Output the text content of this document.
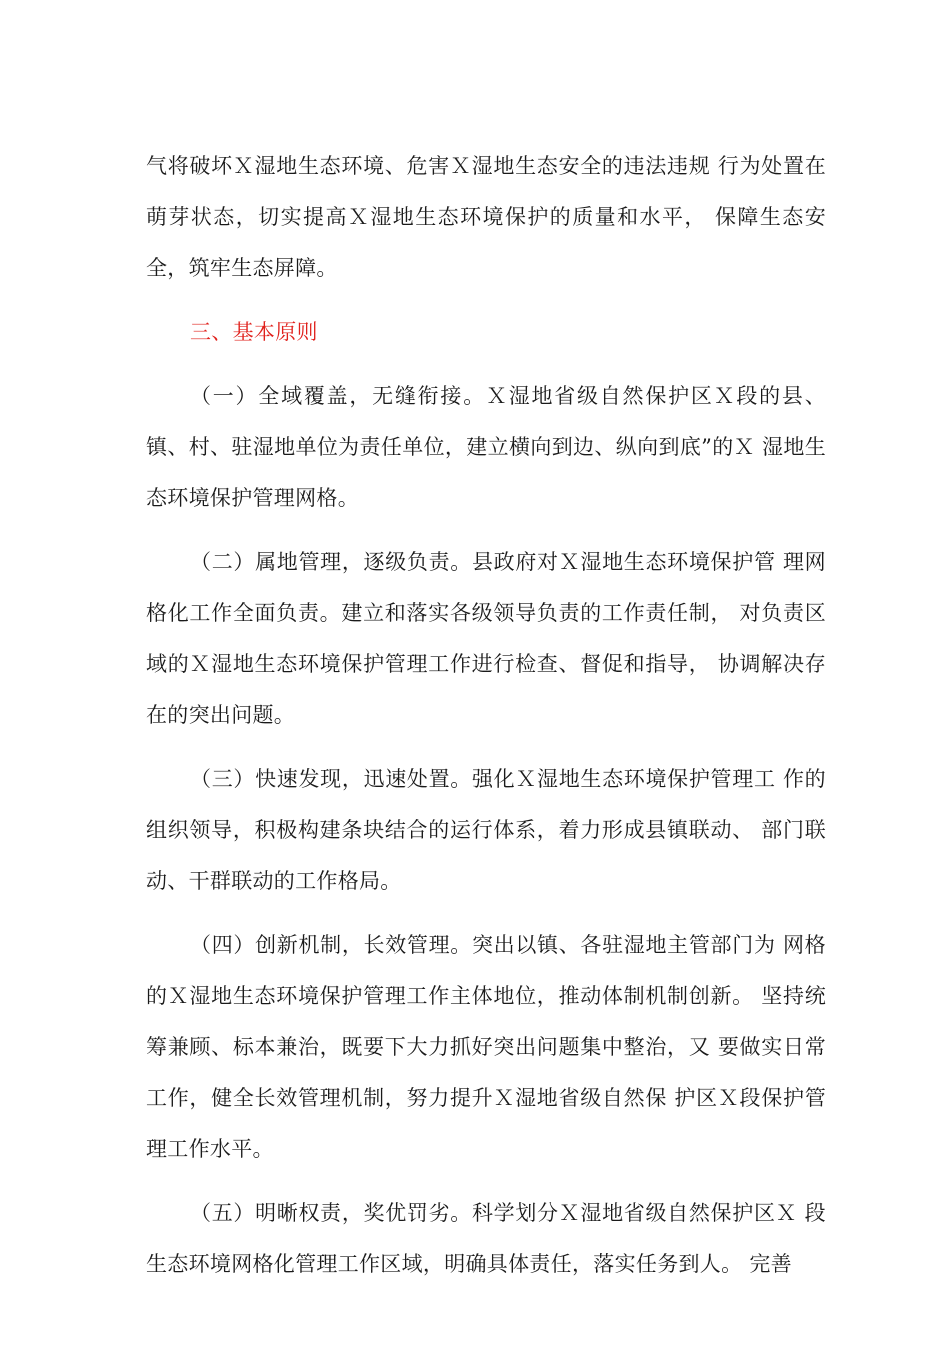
气将破坏Ｘ湿地生态环境、危害Ｘ湿地生态安全的违法违规 行为处置在萌芽状态，切实提高Ｘ湿地生态环境保护的质量和水平， 保障生态安全，筑牢生态屏障。

三、基本原则

（一）全域覆盖，无缝衔接。Ｘ湿地省级自然保护区Ｘ段的县、镇、村、驻湿地单位为责任单位，建立横向到边、纵向到底”的Ｘ 湿地生态环境保护管理网格。

（二）属地管理，逐级负责。县政府对Ｘ湿地生态环境保护管 理网格化工作全面负责。建立和落实各级领导负责的工作责任制， 对负责区域的Ｘ湿地生态环境保护管理工作进行检查、督促和指导， 协调解决存在的突出问题。

（三）快速发现，迅速处置。强化Ｘ湿地生态环境保护管理工 作的组织领导，积极构建条块结合的运行体系，着力形成县镇联动、 部门联动、干群联动的工作格局。

（四）创新机制，长效管理。突出以镇、各驻湿地主管部门为 网格的Ｘ湿地生态环境保护管理工作主体地位，推动体制机制创新。 坚持统筹兼顾、标本兼治，既要下大力抓好突出问题集中整治，又 要做实日常工作，健全长效管理机制，努力提升Ｘ湿地省级自然保 护区Ｘ段保护管理工作水平。

（五）明晰权责，奖优罚劣。科学划分Ｘ湿地省级自然保护区Ｘ 段生态环境网格化管理工作区域，明确具体责任，落实任务到人。 完善
